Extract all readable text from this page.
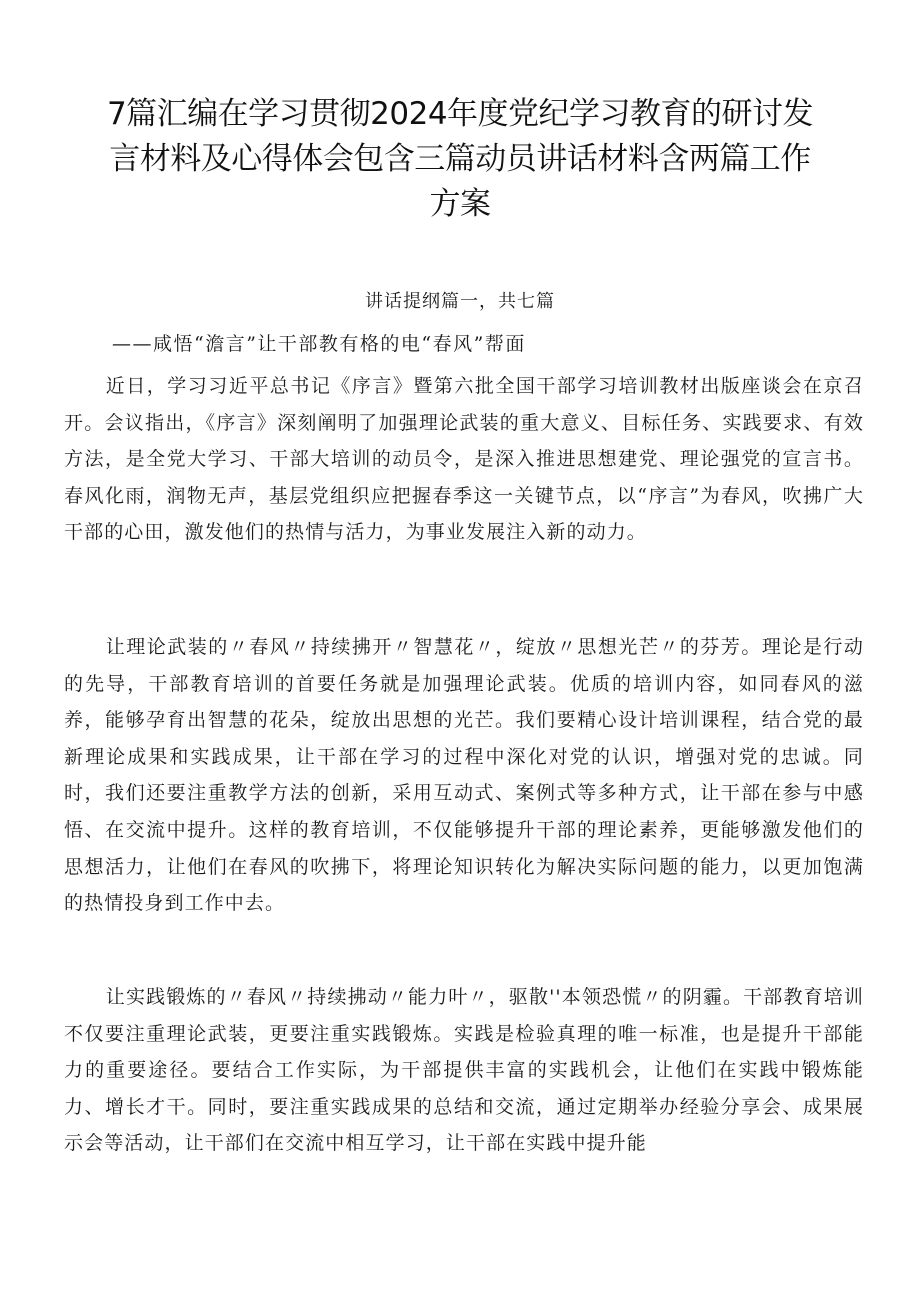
7篇汇编在学习贯彻2024年度党纪学习教育的研讨发言材料及心得体会包含三篇动员讲话材料含两篇工作方案

讲话提纲篇一，共七篇

——咸悟“澹言”让干部教有格的电“春风”帮面

近日，学习习近平总书记《序言》暨第六批全国干部学习培训教材出版座谈会在京召开。会议指出，《序言》深刻阐明了加强理论武装的重大意义、目标任务、实践要求、有效方法，是全党大学习、干部大培训的动员令，是深入推进思想建党、理论强党的宣言书。春风化雨，润物无声，基层党组织应把握春季这一关键节点，以“序言”为春风，吹拂广大干部的心田，激发他们的热情与活力，为事业发展注入新的动力。

让理论武装的〃春风〃持续拂开〃智慧花〃，绽放〃思想光芒〃的芬芳。理论是行动的先导，干部教育培训的首要任务就是加强理论武装。优质的培训内容，如同春风的滋养，能够孕育出智慧的花朵，绽放出思想的光芒。我们要精心设计培训课程，结合党的最新理论成果和实践成果，让干部在学习的过程中深化对党的认识，增强对党的忠诚。同时，我们还要注重教学方法的创新，采用互动式、案例式等多种方式，让干部在参与中感悟、在交流中提升。这样的教育培训，不仅能够提升干部的理论素养，更能够激发他们的思想活力，让他们在春风的吹拂下，将理论知识转化为解决实际问题的能力，以更加饱满的热情投身到工作中去。

让实践锻炼的〃春风〃持续拂动〃能力叶〃，驱散''本领恐慌〃的阴霾。干部教育培训不仅要注重理论武装，更要注重实践锻炼。实践是检验真理的唯一标准，也是提升干部能力的重要途径。要结合工作实际，为干部提供丰富的实践机会，让他们在实践中锻炼能力、增长才干。同时，要注重实践成果的总结和交流，通过定期举办经验分享会、成果展示会等活动，让干部们在交流中相互学习，让干部在实践中提升能
